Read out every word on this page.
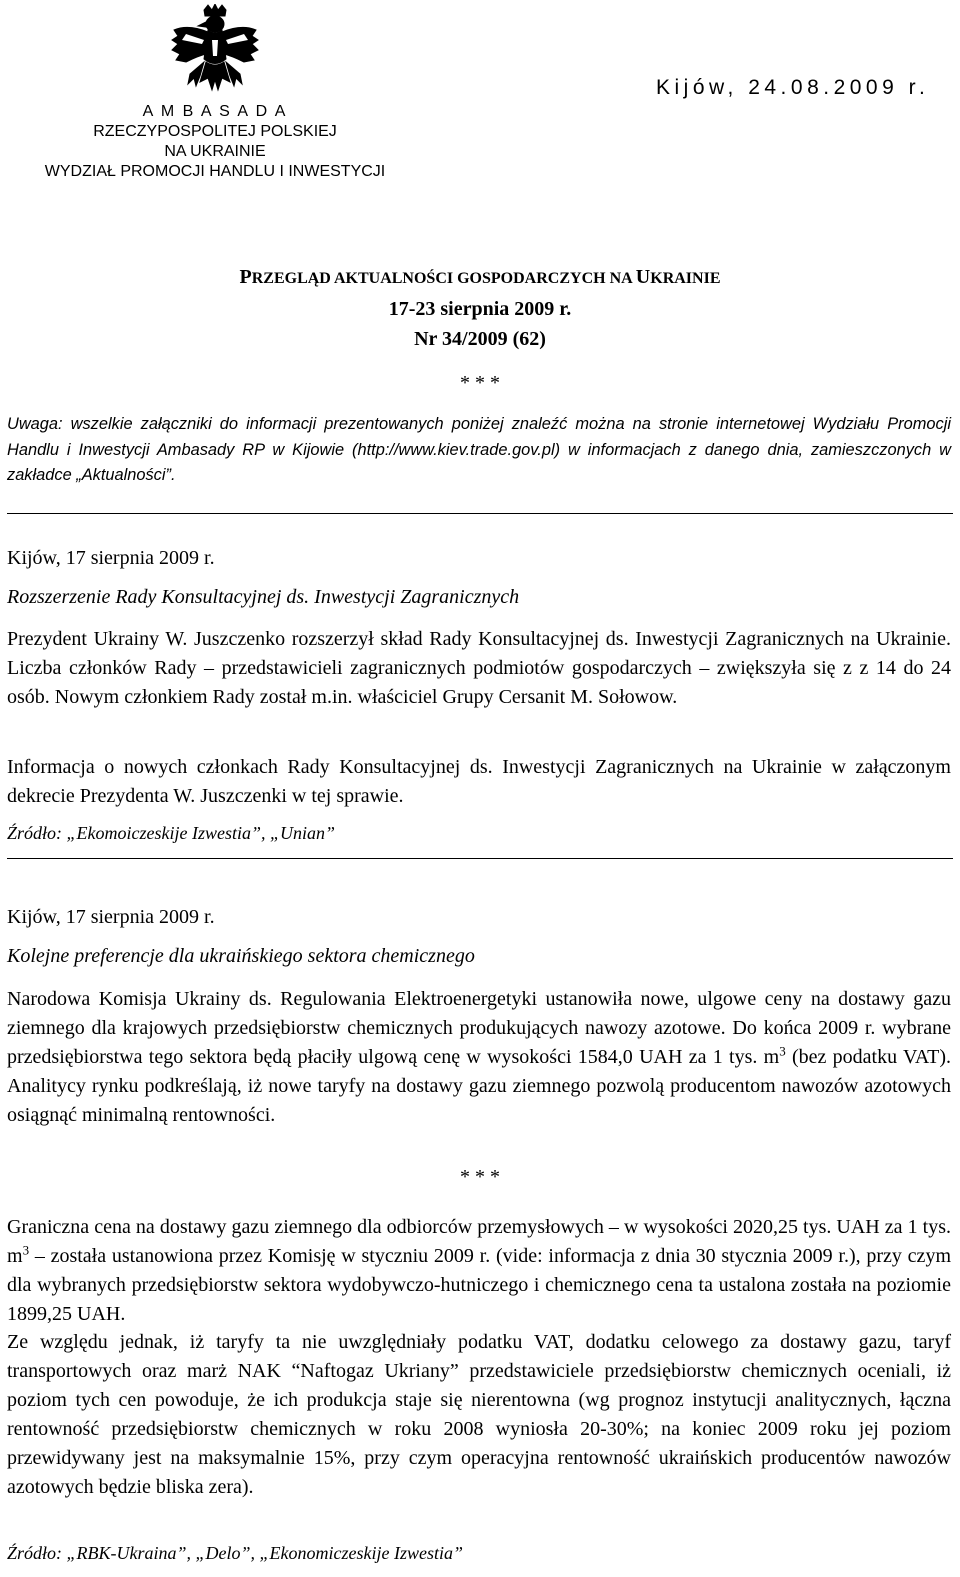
A M B A S A D A
RZECZYPOSPOLITEJ POLSKIEJ
NA UKRAINIE
WYDZIAŁ PROMOCJI HANDLU I INWESTYCJI
Kijów, 24.08.2009 r.
PRZEGLĄD AKTUALNOŚCI GOSPODARCZYCH NA UKRAINIE
17-23 sierpnia 2009 r.
Nr 34/2009 (62)
* * *
Uwaga: wszelkie załączniki do informacji prezentowanych poniżej znaleźć można na stronie internetowej Wydziału Promocji Handlu i Inwestycji Ambasady RP w Kijowie (http://www.kiev.trade.gov.pl) w informacjach z danego dnia, zamieszczonych w zakładce „Aktualności”.
Kijów, 17 sierpnia 2009 r.
Rozszerzenie Rady Konsultacyjnej ds. Inwestycji Zagranicznych
Prezydent Ukrainy W. Juszczenko rozszerzył skład Rady Konsultacyjnej ds. Inwestycji Zagranicznych na Ukrainie. Liczba członków Rady – przedstawicieli zagranicznych podmiotów gospodarczych – zwiększyła się z z 14 do 24 osób. Nowym członkiem Rady został m.in. właściciel Grupy Cersanit M. Sołowow.
Informacja o nowych członkach Rady Konsultacyjnej ds. Inwestycji Zagranicznych na Ukrainie w załączonym dekrecie Prezydenta W. Juszczenki w tej sprawie.
Źródło: „Ekomoiczeskije Izwestia”, „Unian”
Kijów, 17 sierpnia 2009 r.
Kolejne preferencje dla ukraińskiego sektora chemicznego
Narodowa Komisja Ukrainy ds. Regulowania Elektroenergetyki ustanowiła nowe, ulgowe ceny na dostawy gazu ziemnego dla krajowych przedsiębiorstw chemicznych produkujących nawozy azotowe. Do końca 2009 r. wybrane przedsiębiorstwa tego sektora będą płaciły ulgową cenę w wysokości 1584,0 UAH za 1 tys. $m^3$ (bez podatku VAT). Analitycy rynku podkreślają, iż nowe taryfy na dostawy gazu ziemnego pozwolą producentom nawozów azotowych osiągnąć minimalną rentowności.
* * *
Graniczna cena na dostawy gazu ziemnego dla odbiorców przemysłowych – w wysokości 2020,25 tys. UAH za 1 tys. $m^3$ – została ustanowiona przez Komisję w styczniu 2009 r. (vide: informacja z dnia 30 stycznia 2009 r.), przy czym dla wybranych przedsiębiorstw sektora wydobywczo-hutniczego i chemicznego cena ta ustalona została na poziomie 1899,25 UAH.
Ze względu jednak, iż taryfy ta nie uwzględniały podatku VAT, dodatku celowego za dostawy gazu, taryf transportowych oraz marż NAK “Naftogaz Ukriany” przedstawiciele przedsiębiorstw chemicznych oceniali, iż poziom tych cen powoduje, że ich produkcja staje się nierentowna (wg prognoz instytucji analitycznych, łączna rentowność przedsiębiorstw chemicznych w roku 2008 wyniosła 20-30%; na koniec 2009 roku jej poziom przewidywany jest na maksymalnie 15%, przy czym operacyjna rentowność ukraińskich producentów nawozów azotowych będzie bliska zera).
Źródło: „RBK-Ukraina”, „Delo”, „Ekonomiczeskije Izwestia”
